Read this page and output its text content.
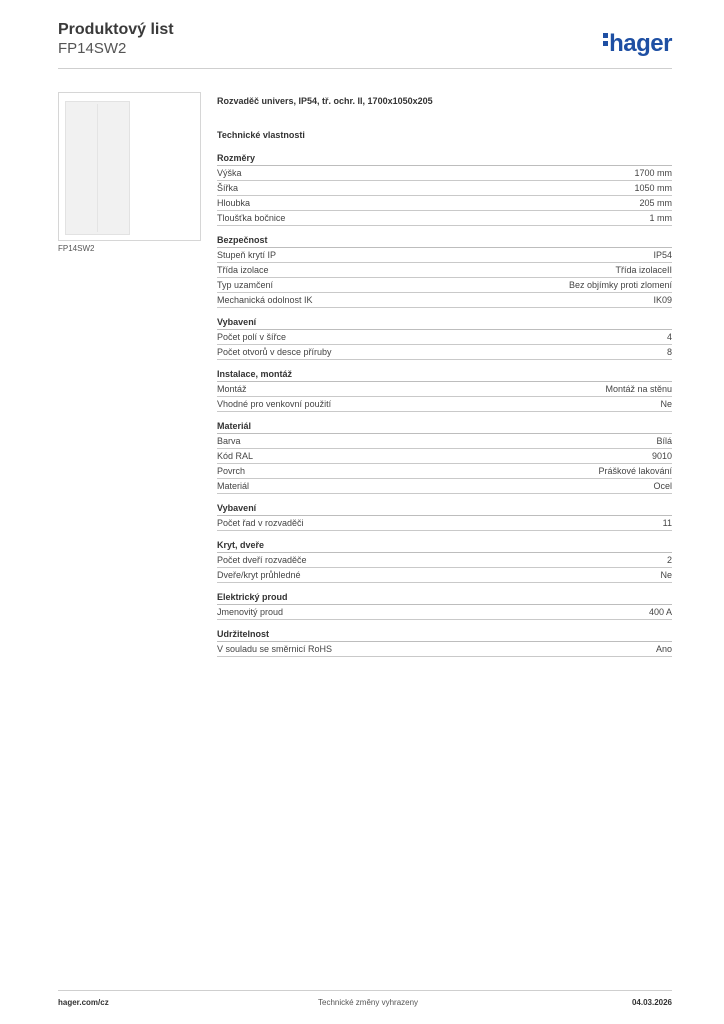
Produktový list
FP14SW2	hager
FP14SW2
Rozvaděč univers, IP54, tř. ochr. II, 1700x1050x205
Technické vlastnosti
Rozměry
Výška	1700 mm
Šířka	1050 mm
Hloubka	205 mm
Tloušťka bočnice	1 mm
Bezpečnost
Stupeň krytí IP	IP54
Třída izolace	Třída izolaceII
Typ uzamčení	Bez objímky proti zlomení
Mechanická odolnost IK	IK09
Vybavení
Počet polí v šířce	4
Počet otvorů v desce příruby	8
Instalace, montáž
Montáž	Montáž na stěnu
Vhodné pro venkovní použití	Ne
Materiál
Barva	Bílá
Kód RAL	9010
Povrch	Práškové lakování
Materiál	Ocel
Vybavení
Počet řad v rozvaděči	11
Kryt, dveře
Počet dveří rozvaděče	2
Dveře/kryt průhledné	Ne
Elektrický proud
Jmenovitý proud	400 A
Udržitelnost
V souladu se směrnicí RoHS	Ano
hager.com/cz	Technické změny vyhrazeny	04.03.2026
